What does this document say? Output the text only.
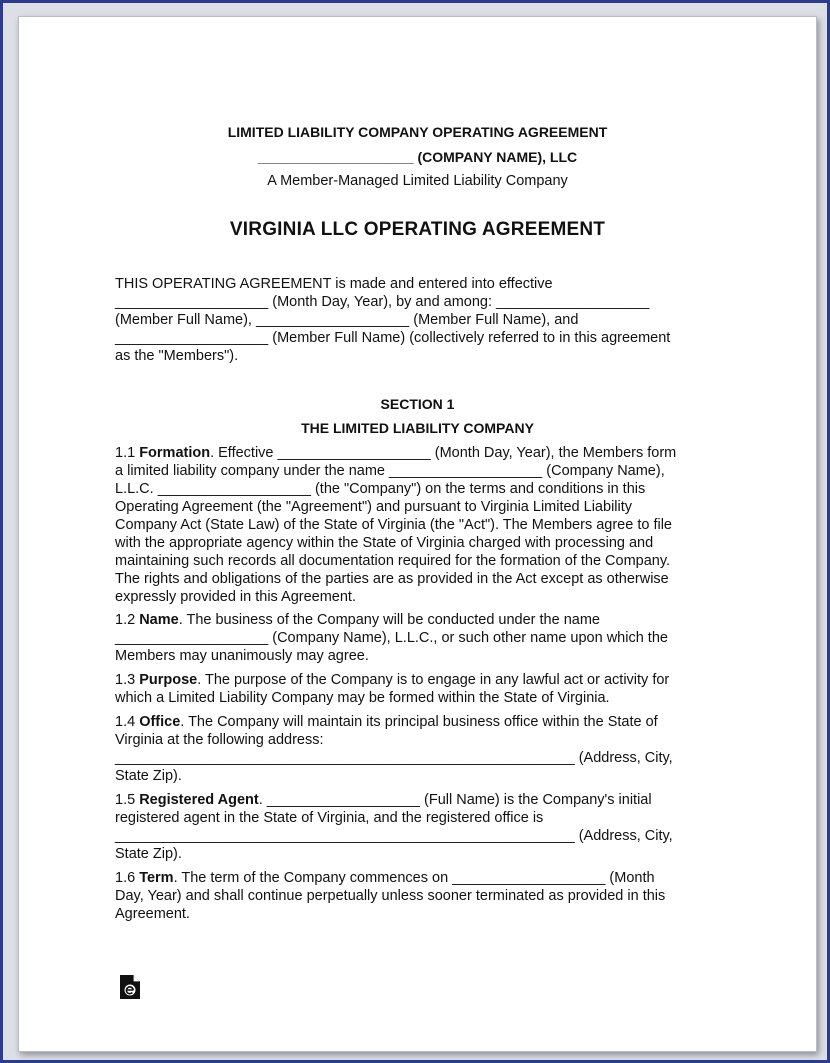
LIMITED LIABILITY COMPANY OPERATING AGREEMENT
____________________ (COMPANY NAME), LLC
A Member-Managed Limited Liability Company
VIRGINIA LLC OPERATING AGREEMENT
THIS OPERATING AGREEMENT is made and entered into effective
___________________ (Month Day, Year), by and among: ___________________
(Member Full Name), ___________________ (Member Full Name), and
___________________ (Member Full Name) (collectively referred to in this agreement
as the "Members").
SECTION 1
THE LIMITED LIABILITY COMPANY
1.1 Formation. Effective ___________________ (Month Day, Year), the Members form
a limited liability company under the name ___________________ (Company Name),
L.L.C. ___________________ (the "Company") on the terms and conditions in this
Operating Agreement (the "Agreement") and pursuant to Virginia Limited Liability
Company Act (State Law) of the State of Virginia (the "Act"). The Members agree to file
with the appropriate agency within the State of Virginia charged with processing and
maintaining such records all documentation required for the formation of the Company.
The rights and obligations of the parties are as provided in the Act except as otherwise
expressly provided in this Agreement.
1.2 Name. The business of the Company will be conducted under the name
___________________ (Company Name), L.L.C., or such other name upon which the
Members may unanimously may agree.
1.3 Purpose. The purpose of the Company is to engage in any lawful act or activity for
which a Limited Liability Company may be formed within the State of Virginia.
1.4 Office. The Company will maintain its principal business office within the State of
Virginia at the following address:
_________________________________________________________ (Address, City,
State Zip).
1.5 Registered Agent. ___________________ (Full Name) is the Company's initial
registered agent in the State of Virginia, and the registered office is
_________________________________________________________ (Address, City,
State Zip).
1.6 Term. The term of the Company commences on ___________________ (Month
Day, Year) and shall continue perpetually unless sooner terminated as provided in this
Agreement.
